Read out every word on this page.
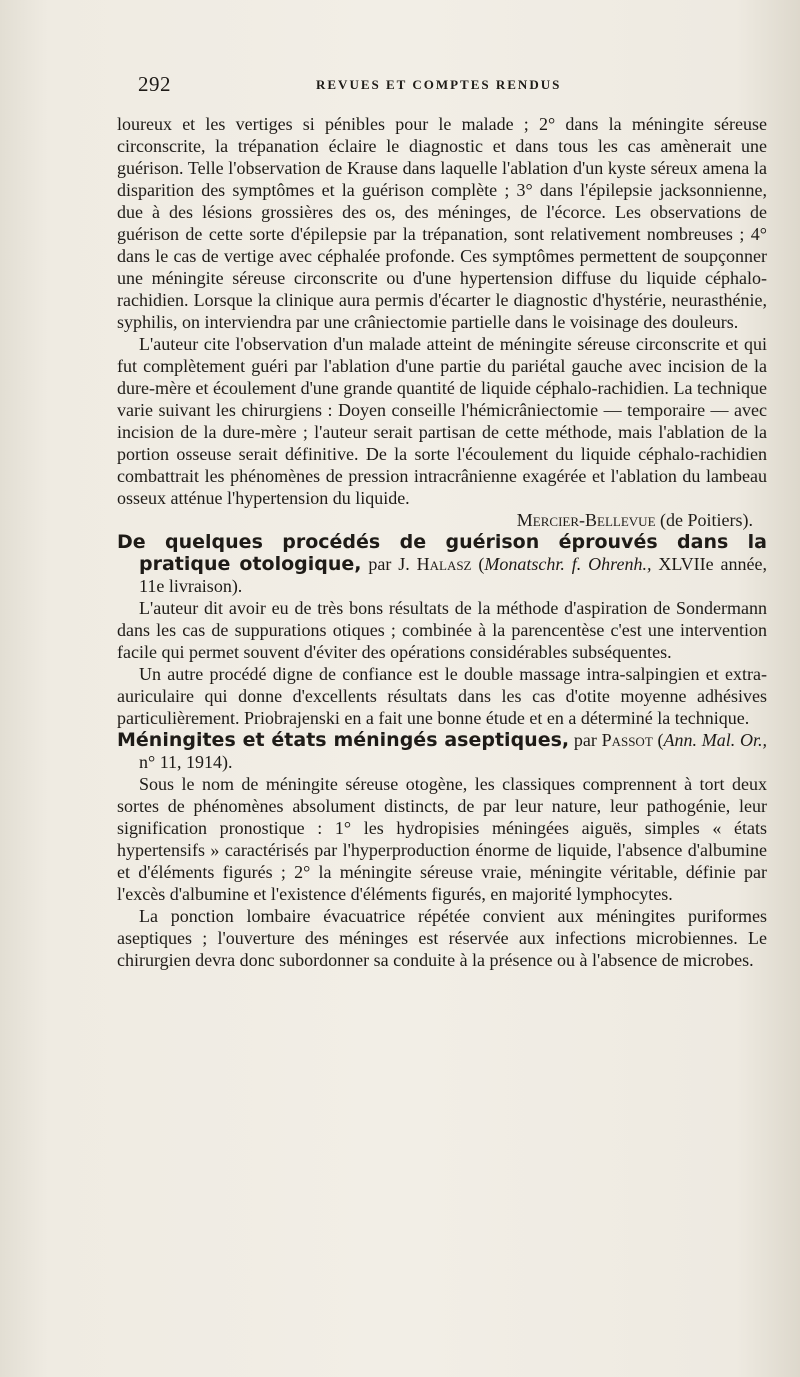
292	REVUES ET COMPTES RENDUS

loureux et les vertiges si pénibles pour le malade ; 2° dans la méningite séreuse circonscrite, la trépanation éclaire le diagnostic et dans tous les cas amènerait une guérison. Telle l'observation de Krause dans laquelle l'ablation d'un kyste séreux amena la disparition des symptômes et la guérison complète ; 3° dans l'épilepsie jacksonnienne, due à des lésions grossières des os, des méninges, de l'écorce. Les observations de guérison de cette sorte d'épilepsie par la trépanation, sont relativement nombreuses ; 4° dans le cas de vertige avec céphalée profonde. Ces symptômes permettent de soupçonner une méningite séreuse circonscrite ou d'une hypertension diffuse du liquide céphalo-rachidien. Lorsque la clinique aura permis d'écarter le diagnostic d'hystérie, neurasthénie, syphilis, on interviendra par une crâniectomie partielle dans le voisinage des douleurs.

L'auteur cite l'observation d'un malade atteint de méningite séreuse circonscrite et qui fut complètement guéri par l'ablation d'une partie du pariétal gauche avec incision de la dure-mère et écoulement d'une grande quantité de liquide céphalo-rachidien. La technique varie suivant les chirurgiens : Doyen conseille l'hémicrâniectomie — temporaire — avec incision de la dure-mère ; l'auteur serait partisan de cette méthode, mais l'ablation de la portion osseuse serait définitive. De la sorte l'écoulement du liquide céphalo-rachidien combattrait les phénomènes de pression intracrânienne exagérée et l'ablation du lambeau osseux atténue l'hypertension du liquide.

Mercier-Bellevue (de Poitiers).

De quelques procédés de guérison éprouvés dans la pratique otologique, par J. Halasz (Monatschr. f. Ohrenh., XLVIIe année, 11e livraison).

L'auteur dit avoir eu de très bons résultats de la méthode d'aspiration de Sondermann dans les cas de suppurations otiques ; combinée à la parencentèse c'est une intervention facile qui permet souvent d'éviter des opérations considérables subséquentes.

Un autre procédé digne de confiance est le double massage intra-salpingien et extra-auriculaire qui donne d'excellents résultats dans les cas d'otite moyenne adhésives particulièrement. Priobrajenski en a fait une bonne étude et en a déterminé la technique.

Méningites et états méningés aseptiques, par Passot (Ann. Mal. Or., n° 11, 1914).

Sous le nom de méningite séreuse otogène, les classiques comprennent à tort deux sortes de phénomènes absolument distincts, de par leur nature, leur pathogénie, leur signification pronostique : 1° les hydropisies méningées aiguës, simples « états hypertensifs » caractérisés par l'hyperproduction énorme de liquide, l'absence d'albumine et d'éléments figurés ; 2° la méningite séreuse vraie, méningite véritable, définie par l'excès d'albumine et l'existence d'éléments figurés, en majorité lymphocytes.

La ponction lombaire évacuatrice répétée convient aux méningites puriformes aseptiques ; l'ouverture des méninges est réservée aux infections microbiennes. Le chirurgien devra donc subordonner sa conduite à la présence ou à l'absence de microbes.
